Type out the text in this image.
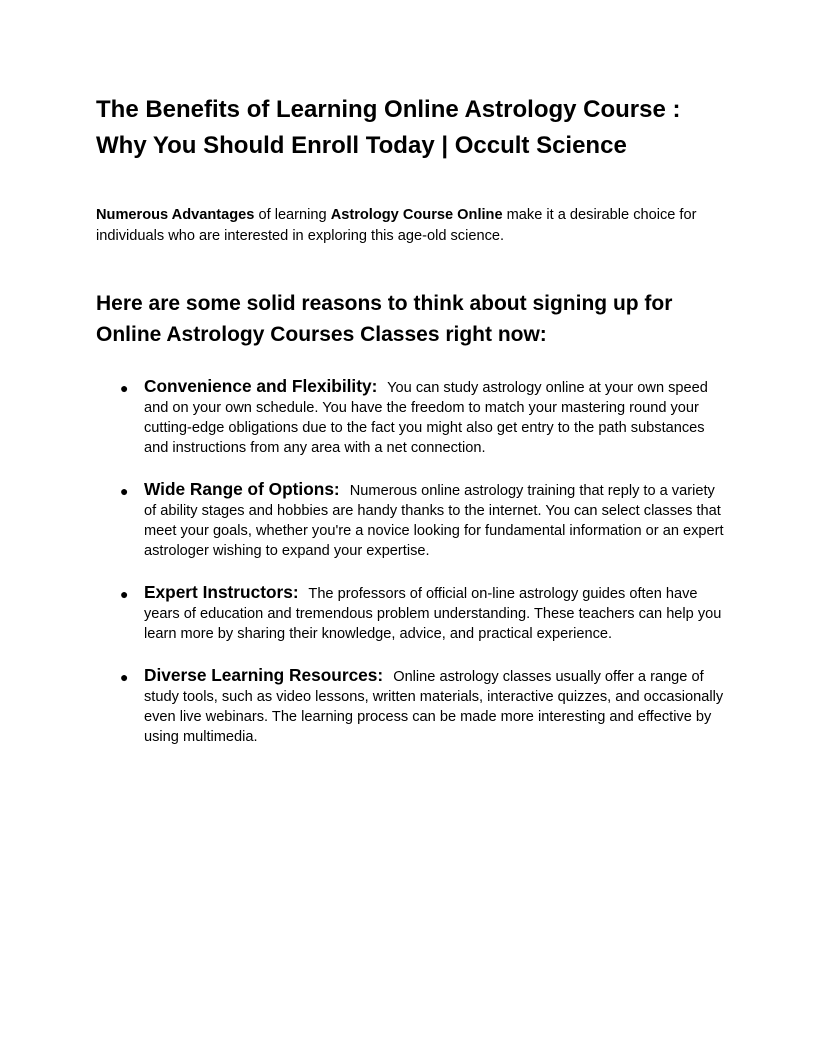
The Benefits of Learning Online Astrology Course : Why You Should Enroll Today | Occult Science

Numerous Advantages of learning Astrology Course Online make it a desirable choice for individuals who are interested in exploring this age-old science.

Here are some solid reasons to think about signing up for Online Astrology Courses Classes right now:
● Convenience and Flexibility: You can study astrology online at your own speed and on your own schedule. You have the freedom to match your mastering round your cutting-edge obligations due to the fact you might also get entry to the path substances and instructions from any area with a net connection.
● Wide Range of Options: Numerous online astrology training that reply to a variety of ability stages and hobbies are handy thanks to the internet. You can select classes that meet your goals, whether you're a novice looking for fundamental information or an expert astrologer wishing to expand your expertise.
● Expert Instructors: The professors of official on-line astrology guides often have years of education and tremendous problem understanding. These teachers can help you learn more by sharing their knowledge, advice, and practical experience.
● Diverse Learning Resources: Online astrology classes usually offer a range of study tools, such as video lessons, written materials, interactive quizzes, and occasionally even live webinars. The learning process can be made more interesting and effective by using multimedia.
